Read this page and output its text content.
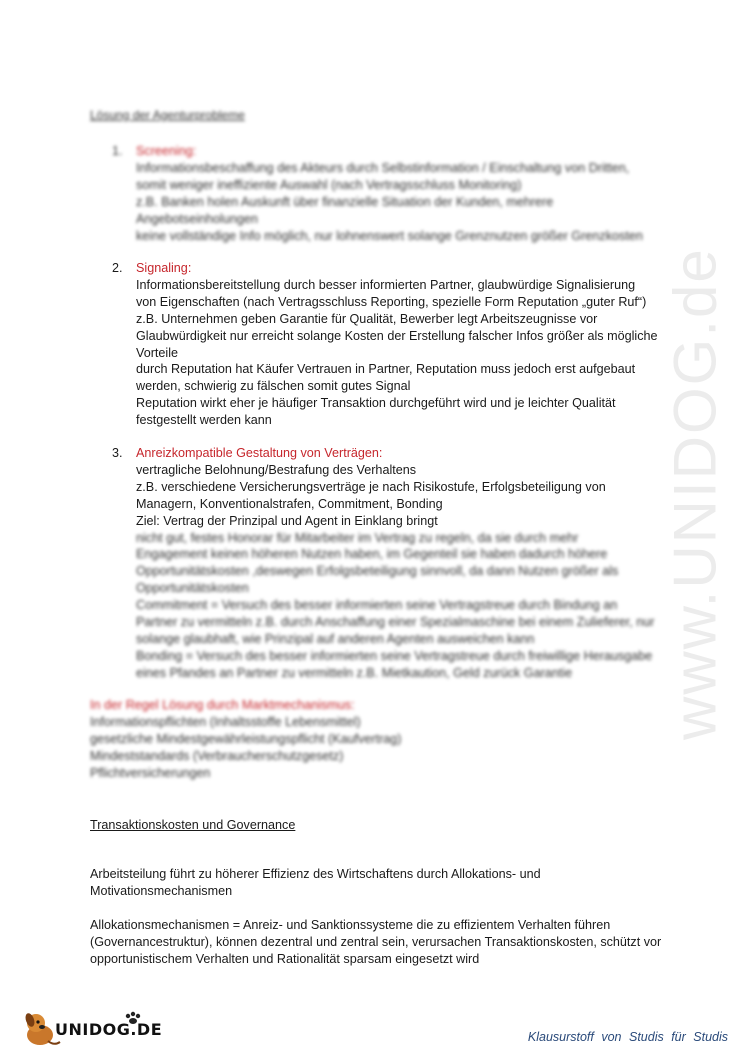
www.UNIDOG.de
Lösung der Agenturprobleme
1. Screening:
Informationsbeschaffung des Akteurs durch Selbstinformation / Einschaltung von Dritten,
somit weniger ineffiziente Auswahl (nach Vertragsschluss Monitoring)
z.B. Banken holen Auskunft über finanzielle Situation der Kunden, mehrere
Angebotseinholungen
keine vollständige Info möglich, nur lohnenswert solange Grenznutzen größer Grenzkosten
2. Signaling:
Informationsbereitstellung durch besser informierten Partner, glaubwürdige Signalisierung
von Eigenschaften (nach Vertragsschluss Reporting, spezielle Form Reputation „guter Ruf“)
z.B. Unternehmen geben Garantie für Qualität, Bewerber legt Arbeitszeugnisse vor
Glaubwürdigkeit nur erreicht solange Kosten der Erstellung falscher Infos größer als mögliche
Vorteile
durch Reputation hat Käufer Vertrauen in Partner, Reputation muss jedoch erst aufgebaut
werden, schwierig zu fälschen somit gutes Signal
Reputation wirkt eher je häufiger Transaktion durchgeführt wird und je leichter Qualität
festgestellt werden kann
3. Anreizkompatible Gestaltung von Verträgen:
vertragliche Belohnung/Bestrafung des Verhaltens
z.B. verschiedene Versicherungsverträge je nach Risikostufe, Erfolgsbeteiligung von
Managern, Konventionalstrafen, Commitment, Bonding
Ziel: Vertrag der Prinzipal und Agent in Einklang bringt
nicht gut, festes Honorar für Mitarbeiter im Vertrag zu regeln, da sie durch mehr
Engagement keinen höheren Nutzen haben, im Gegenteil sie haben dadurch höhere
Opportunitätskosten ,deswegen Erfolgsbeteiligung sinnvoll, da dann Nutzen größer als
Opportunitätskosten
Commitment = Versuch des besser informierten seine Vertragstreue durch Bindung an
Partner zu vermitteln z.B. durch Anschaffung einer Spezialmaschine bei einem Zulieferer, nur
solange glaubhaft, wie Prinzipal auf anderen Agenten ausweichen kann
Bonding = Versuch des besser informierten seine Vertragstreue durch freiwillige Herausgabe
eines Pfandes an Partner zu vermitteln z.B. Mietkaution, Geld zurück Garantie
In der Regel Lösung durch Marktmechanismus:
Informationspflichten (Inhaltsstoffe Lebensmittel)
gesetzliche Mindestgewährleistungspflicht (Kaufvertrag)
Mindeststandards (Verbraucherschutzgesetz)
Pflichtversicherungen
Transaktionskosten und Governance
Arbeitsteilung führt zu höherer Effizienz des Wirtschaftens durch Allokations- und Motivationsmechanismen
Allokationsmechanismen = Anreiz- und Sanktionssysteme die zu effizientem Verhalten führen (Governancestruktur), können dezentral und zentral sein, verursachen Transaktionskosten, schützt vor opportunistischem Verhalten und Rationalität sparsam eingesetzt wird
UNIDOG.DE	Klausurstoff von Studis für Studis
